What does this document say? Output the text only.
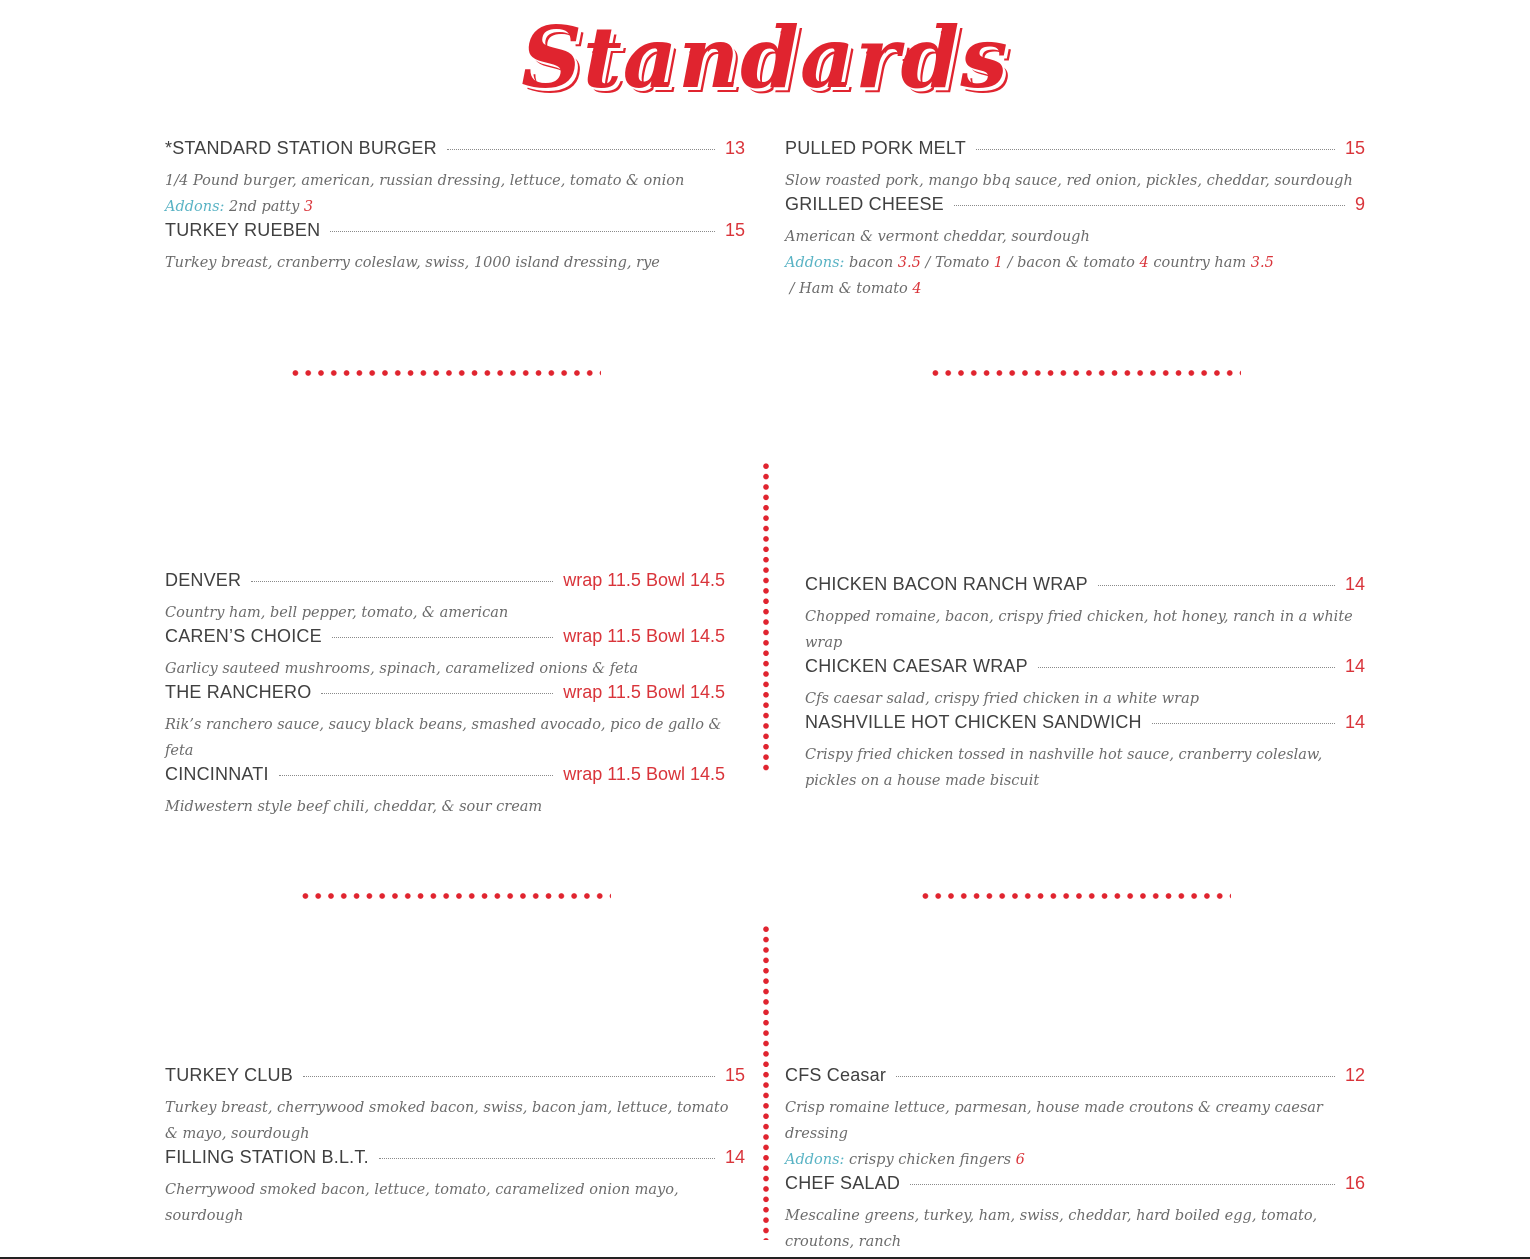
Standards
*STANDARD STATION BURGER	13
1/4 Pound burger, american, russian dressing, lettuce, tomato & onion
Addons: 2nd patty 3
TURKEY RUEBEN	15
Turkey breast, cranberry coleslaw, swiss, 1000 island dressing, rye
PULLED PORK MELT	15
Slow roasted pork, mango bbq sauce, red onion, pickles, cheddar, sourdough
GRILLED CHEESE	9
American & vermont cheddar, sourdough
Addons: bacon 3.5 / Tomato 1 / bacon & tomato 4 country ham 3.5 / Ham & tomato 4
DENVER	wrap 11.5 Bowl 14.5
Country ham, bell pepper, tomato, & american
CAREN’S CHOICE	wrap 11.5 Bowl 14.5
Garlicy sauteed mushrooms, spinach, caramelized onions & feta
THE RANCHERO	wrap 11.5 Bowl 14.5
Rik’s ranchero sauce, saucy black beans, smashed avocado, pico de gallo & feta
CINCINNATI	wrap 11.5 Bowl 14.5
Midwestern style beef chili, cheddar, & sour cream
CHICKEN BACON RANCH WRAP	14
Chopped romaine, bacon, crispy fried chicken, hot honey, ranch in a white wrap
CHICKEN CAESAR WRAP	14
Cfs caesar salad, crispy fried chicken in a white wrap
NASHVILLE HOT CHICKEN SANDWICH	14
Crispy fried chicken tossed in nashville hot sauce, cranberry coleslaw, pickles on a house made biscuit
TURKEY CLUB	15
Turkey breast, cherrywood smoked bacon, swiss, bacon jam, lettuce, tomato & mayo, sourdough
FILLING STATION B.L.T.	14
Cherrywood smoked bacon, lettuce, tomato, caramelized onion mayo, sourdough
CFS Ceasar	12
Crisp romaine lettuce, parmesan, house made croutons & creamy caesar dressing
Addons: crispy chicken fingers 6
CHEF SALAD	16
Mescaline greens, turkey, ham, swiss, cheddar, hard boiled egg, tomato, croutons, ranch
